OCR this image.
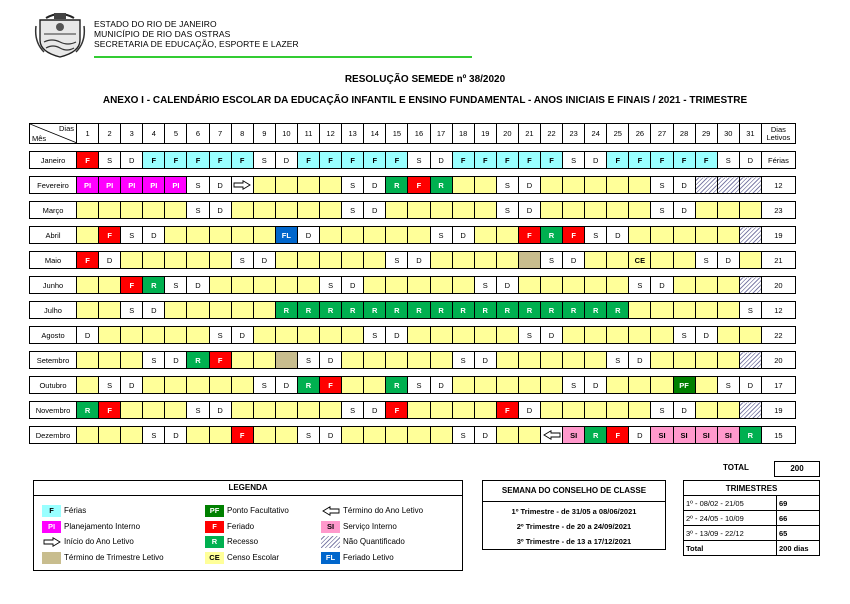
ESTADO DO RIO DE JANEIRO
MUNICÍPIO DE RIO DAS OSTRAS
SECRETARIA DE EDUCAÇÃO, ESPORTE E LAZER
RESOLUÇÃO SEMEDE nº 38/2020
ANEXO I - CALENDÁRIO ESCOLAR DA EDUCAÇÃO INFANTIL E ENSINO FUNDAMENTAL - ANOS INICIAIS E FINAIS / 2021 - TRIMESTRE
Dias
Mês	1	2	3	4	5	6	7	8	9	10	11	12	13	14	15	16	17	18	19	20	21	22	23	24	25	26	27	28	29	30	31	Dias Letivos

Janeiro	F	S	D	F	F	F	F	F	S	D	F	F	F	F	F	S	D	F	F	F	F	F	S	D	F	F	F	F	F	S	D	Férias

Fevereiro	PI	PI	PI	PI	PI	S	D						S	D	R	F	R			S	D						S	D				12

Março						S	D						S	D						S	D						S	D				23

Abril		F	S	D						FL	D						S	D			F	R	F	S	D							19

Maio	F	D						S	D						S	D						S	D			CE			S	D		21

Junho			F	R	S	D						S	D						S	D						S	D					20

Julho			S	D						R	R	R	R	R	R	R	R	R	R	R	R	R	R	R	R						S	12

Agosto	D						S	D						S	D						S	D						S	D			22

Setembro				S	D	R	F				S	D						S	D						S	D						20

Outubro		S	D						S	D	R	F			R	S	D						S	D				PF		S	D	17

Novembro	R	F				S	D						S	D	F					F	D						S	D				19

Dezembro				S	D			F			S	D						S	D				SI	R	F	D	SI	SI	SI	SI	R	15
TOTAL	200
LEGENDA
F	Férias
PI	Planejamento Interno
Início do Ano Letivo
Término de Trimestre Letivo
PF Ponto Facultativo
F	Feriado
R	Recesso
CE Censo Escolar
Término do Ano Letivo
SI	Serviço Interno
Não Quantificado
FL Feriado Letivo
SEMANA DO CONSELHO DE CLASSE
1º Trimestre - de 31/05 a 08/06/2021
2º Trimestre - de 20 a 24/09/2021
3º Trimestre - de 13 a 17/12/2021
TRIMESTRES	
1º - 08/02 - 21/05	69
2º - 24/05 - 10/09	66
3º - 13/09 - 22/12	65
Total	200 dias
